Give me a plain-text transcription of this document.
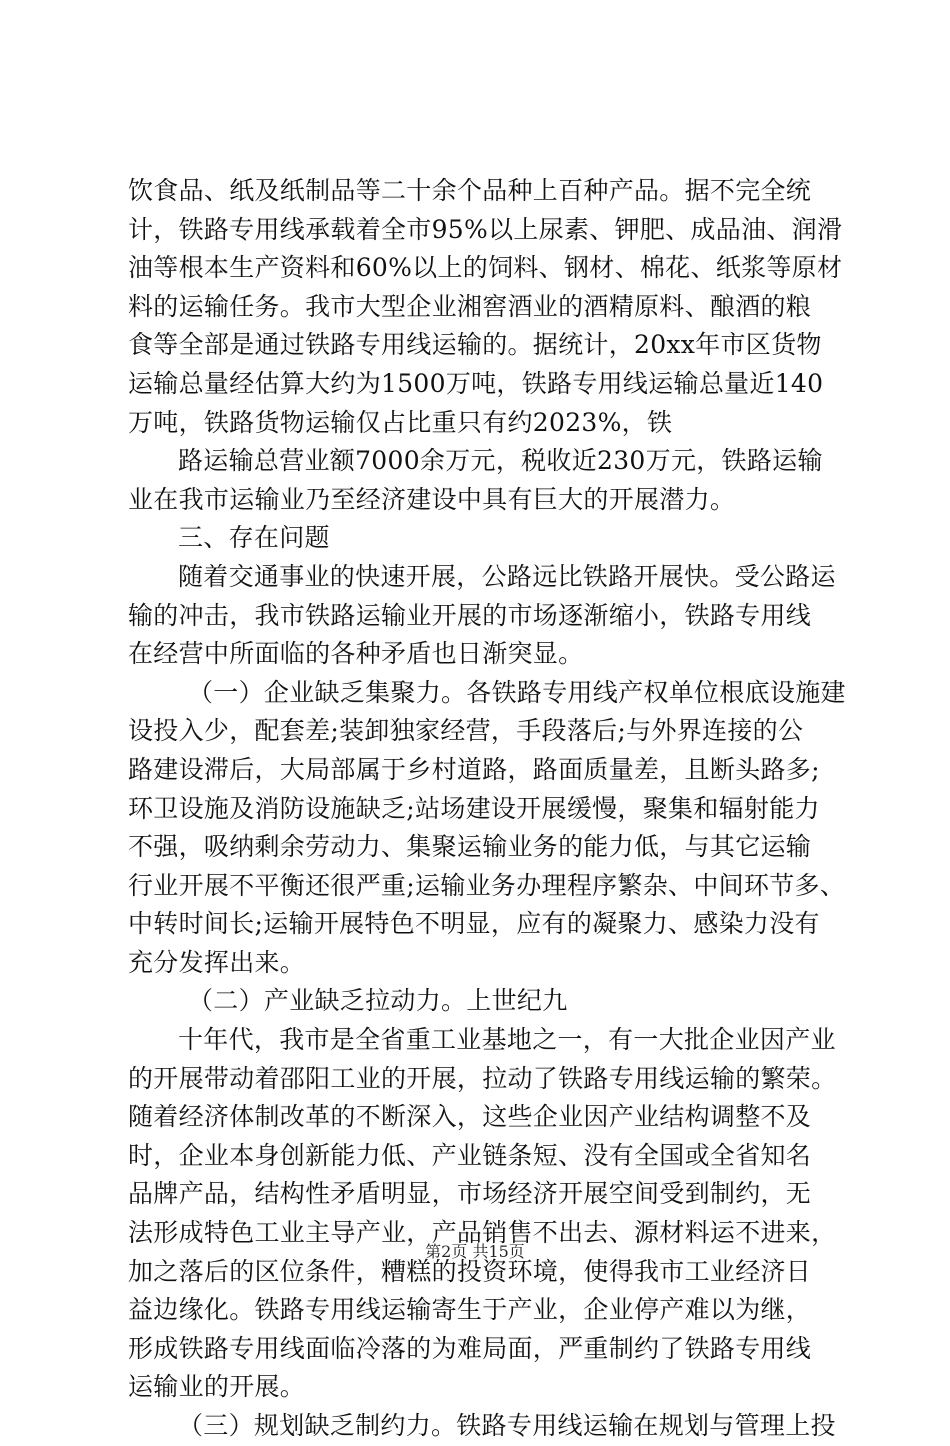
饮食品、纸及纸制品等二十余个品种上百种产品。据不完全统
计，铁路专用线承载着全市95%以上尿素、钾肥、成品油、润滑
油等根本生产资料和60%以上的饲料、钢材、棉花、纸浆等原材
料的运输任务。我市大型企业湘窖酒业的酒精原料、酿酒的粮
食等全部是通过铁路专用线运输的。据统计，20xx年市区货物
运输总量经估算大约为1500万吨，铁路专用线运输总量近140
万吨，铁路货物运输仅占比重只有约2023%，铁
路运输总营业额7000余万元，税收近230万元，铁路运输
业在我市运输业乃至经济建设中具有巨大的开展潜力。
三、存在问题
随着交通事业的快速开展，公路远比铁路开展快。受公路运
输的冲击，我市铁路运输业开展的市场逐渐缩小，铁路专用线
在经营中所面临的各种矛盾也日渐突显。
（一）企业缺乏集聚力。各铁路专用线产权单位根底设施建
设投入少，配套差;装卸独家经营，手段落后;与外界连接的公
路建设滞后，大局部属于乡村道路，路面质量差，且断头路多;
环卫设施及消防设施缺乏;站场建设开展缓慢，聚集和辐射能力
不强，吸纳剩余劳动力、集聚运输业务的能力低，与其它运输
行业开展不平衡还很严重;运输业务办理程序繁杂、中间环节多、
中转时间长;运输开展特色不明显，应有的凝聚力、感染力没有
充分发挥出来。
（二）产业缺乏拉动力。上世纪九
十年代，我市是全省重工业基地之一，有一大批企业因产业
的开展带动着邵阳工业的开展，拉动了铁路专用线运输的繁荣。
随着经济体制改革的不断深入，这些企业因产业结构调整不及
时，企业本身创新能力低、产业链条短、没有全国或全省知名
品牌产品，结构性矛盾明显，市场经济开展空间受到制约，无
法形成特色工业主导产业，产品销售不出去、源材料运不进来，
加之落后的区位条件，糟糕的投资环境，使得我市工业经济日
益边缘化。铁路专用线运输寄生于产业，企业停产难以为继，
形成铁路专用线面临冷落的为难局面，严重制约了铁路专用线
运输业的开展。
（三）规划缺乏制约力。铁路专用线运输在规划与管理上投
第2页 共15页
